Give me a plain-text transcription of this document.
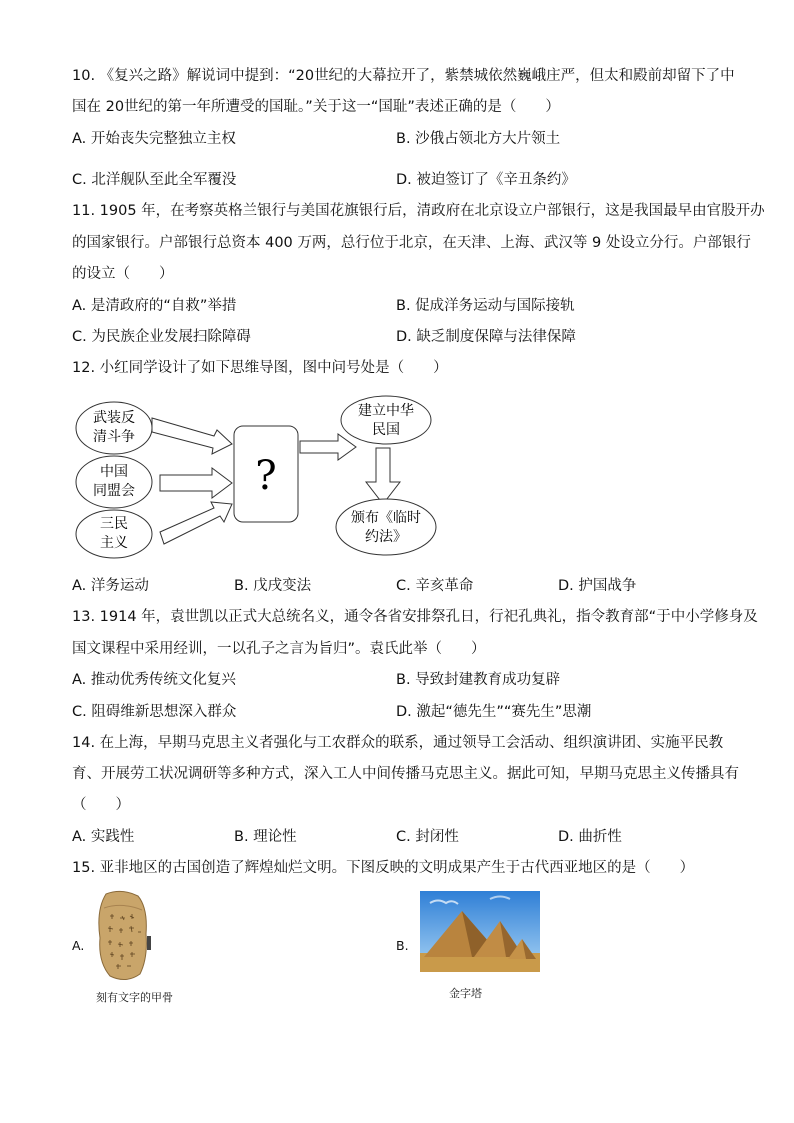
10. 《复兴之路》解说词中提到：“20世纪的大幕拉开了，紫禁城依然巍峨庄严，但太和殿前却留下了中
国在 20世纪的第一年所遭受的国耻。”关于这一“国耻”表述正确的是（　　）
A. 开始丧失完整独立主权	B. 沙俄占领北方大片领土
C. 北洋舰队至此全军覆没	D. 被迫签订了《辛丑条约》
11. 1905 年，在考察英格兰银行与美国花旗银行后，清政府在北京设立户部银行，这是我国最早由官股开办
的国家银行。户部银行总资本 400 万两，总行位于北京，在天津、上海、武汉等 9 处设立分行。户部银行
的设立（　　）
A. 是清政府的“自救”举措	B. 促成洋务运动与国际接轨
C. 为民族企业发展扫除障碍	D. 缺乏制度保障与法律保障
12. 小红同学设计了如下思维导图，图中问号处是（　　）
武装反
清斗争
中国
同盟会
三民
主义
?
建立中华
民国
颁布《临时
约法》
A. 洋务运动	B. 戊戌变法	C. 辛亥革命	D. 护国战争
13. 1914 年，袁世凯以正式大总统名义，通令各省安排祭孔日，行祀孔典礼，指令教育部“于中小学修身及
国文课程中采用经训，一以孔子之言为旨归”。袁氏此举（　　）
A. 推动优秀传统文化复兴	B. 导致封建教育成功复辟
C. 阻碍维新思想深入群众	D. 激起“德先生”“赛先生”思潮
14. 在上海，早期马克思主义者强化与工农群众的联系，通过领导工会活动、组织演讲团、实施平民教
育、开展劳工状况调研等多种方式，深入工人中间传播马克思主义。据此可知，早期马克思主义传播具有
（　　）
A. 实践性	B. 理论性	C. 封闭性	D. 曲折性
15. 亚非地区的古国创造了辉煌灿烂文明。下图反映的文明成果产生于古代西亚地区的是（　　）
A.
刻有文字的甲骨
B.
金字塔
